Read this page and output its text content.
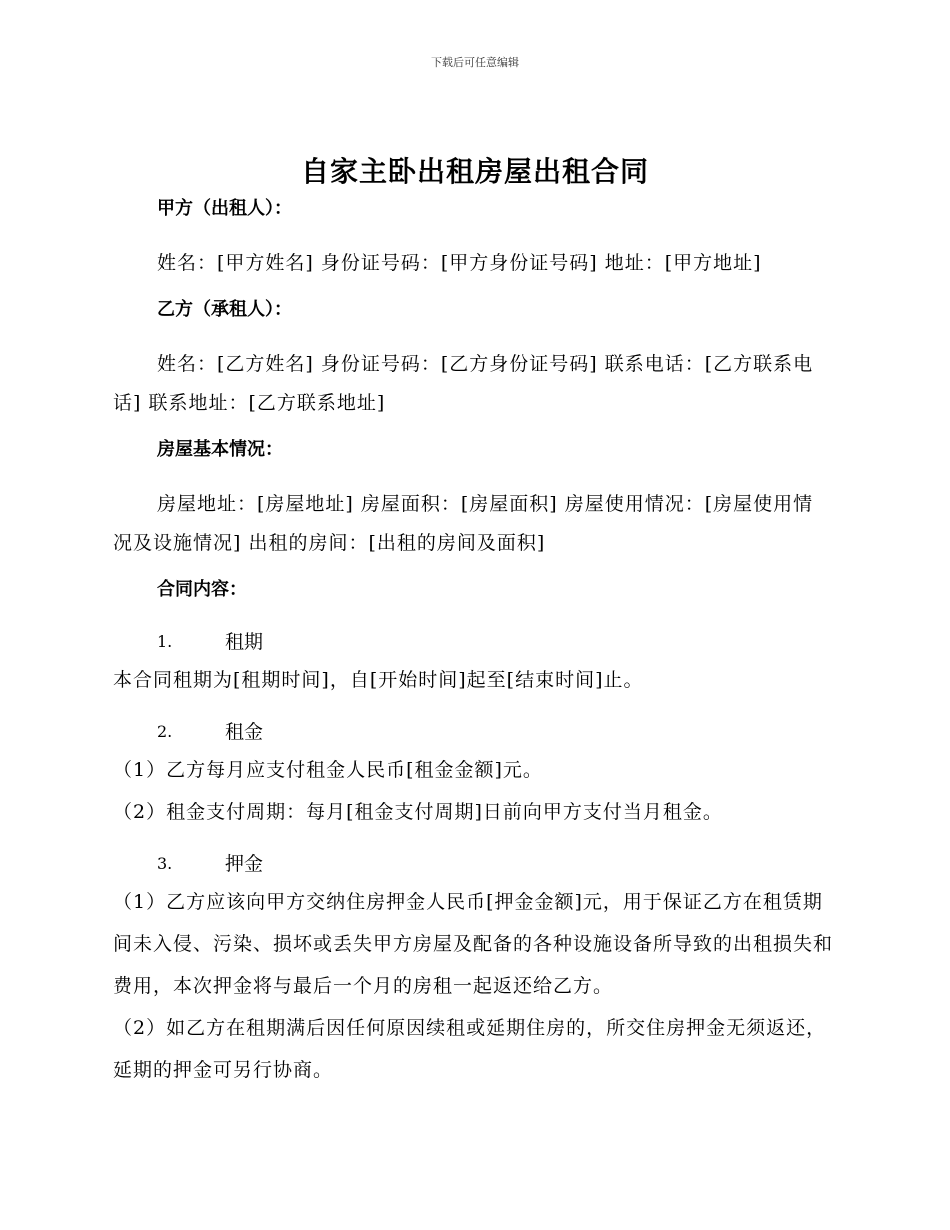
下载后可任意编辑
自家主卧出租房屋出租合同

甲方（出租人）：

姓名：[甲方姓名] 身份证号码：[甲方身份证号码] 地址：[甲方地址]

乙方（承租人）：

姓名：[乙方姓名] 身份证号码：[乙方身份证号码] 联系电话：[乙方联系电话] 联系地址：[乙方联系地址]

房屋基本情况：

房屋地址：[房屋地址] 房屋面积：[房屋面积] 房屋使用情况：[房屋使用情况及设施情况] 出租的房间：[出租的房间及面积]

合同内容：

1.	租期

本合同租期为[租期时间]，自[开始时间]起至[结束时间]止。

2.	租金

（1）乙方每月应支付租金人民币[租金金额]元。

（2）租金支付周期：每月[租金支付周期]日前向甲方支付当月租金。

3.	押金

（1）乙方应该向甲方交纳住房押金人民币[押金金额]元，用于保证乙方在租赁期间未入侵、污染、损坏或丢失甲方房屋及配备的各种设施设备所导致的出租损失和费用，本次押金将与最后一个月的房租一起返还给乙方。

（2）如乙方在租期满后因任何原因续租或延期住房的，所交住房押金无须返还，延期的押金可另行协商。
